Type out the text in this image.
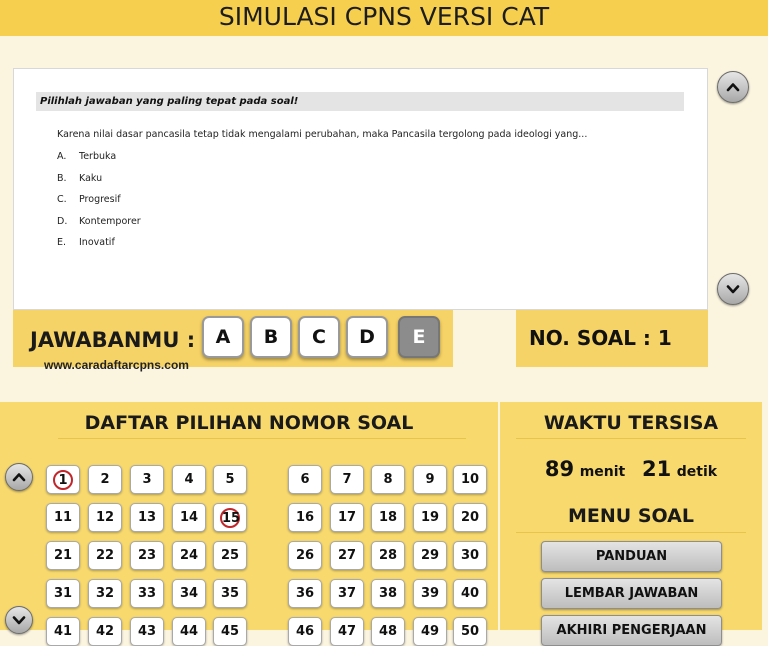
SIMULASI CPNS VERSI CAT
Pilihlah jawaban yang paling tepat pada soal!
Karena nilai dasar pancasila tetap tidak mengalami perubahan, maka Pancasila tergolong pada ideologi yang...
A. Terbuka
B. Kaku
C. Progresif
D. Kontemporer
E. Inovatif
JAWABANMU :	A	B	C	D	E	NO. SOAL : 1
www.caradaftarcpns.com
DAFTAR PILIHAN NOMOR SOAL
1	2	3	4 5	6	7 8	9 10
11 12 13 14 15	16 17 18 19 20
21 22 23 24 25	26 27 28 29 30
31 32 33 34 35	36 37 38 39 40
41 42 43 44 45	46 47 48 49 50
WAKTU TERSISA
89 menit 21 detik
MENU SOAL
PANDUAN
LEMBAR JAWABAN
AKHIRI PENGERJAAN
